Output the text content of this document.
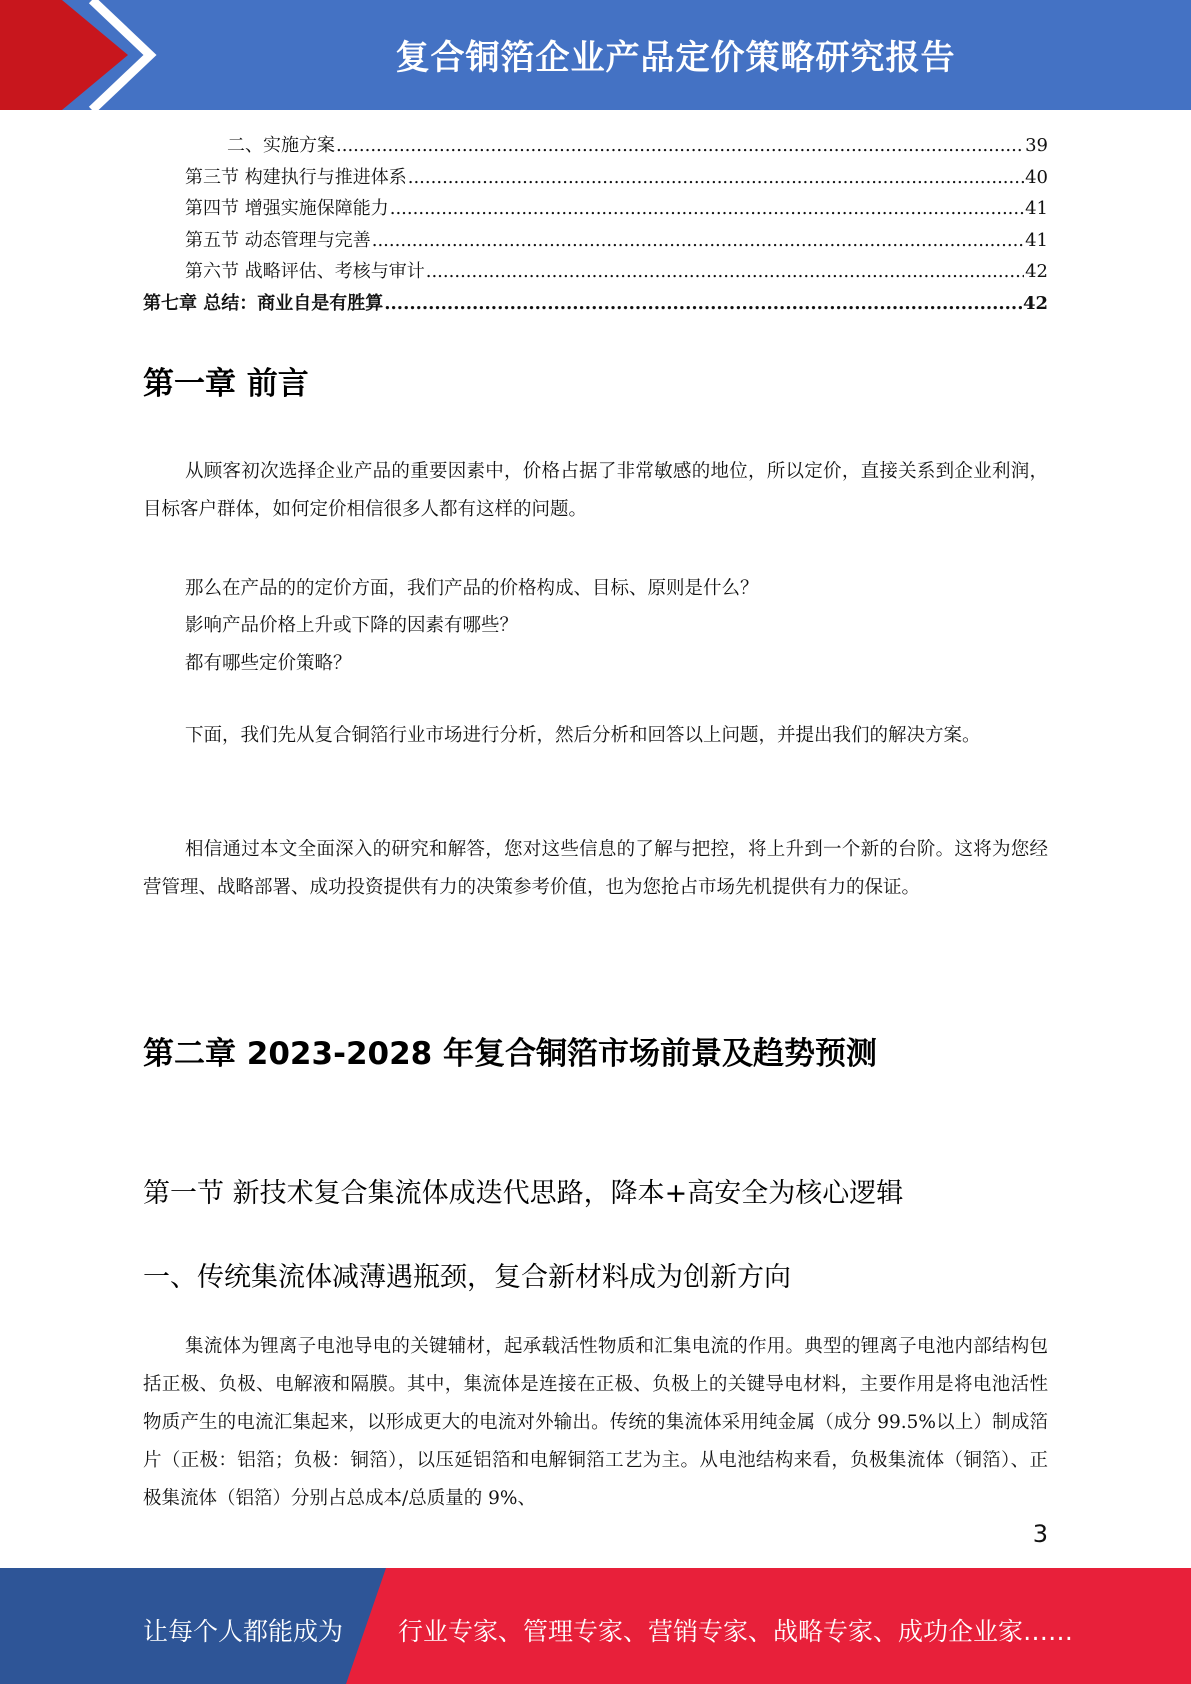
复合铜箔企业产品定价策略研究报告
二、实施方案 .....	39
第三节 构建执行与推进体系 .....	40
第四节 增强实施保障能力 .....	41
第五节 动态管理与完善 .....	41
第六节 战略评估、考核与审计 .....	42
第七章 总结：商业自是有胜算 .....	42
第一章 前言

从顾客初次选择企业产品的重要因素中，价格占据了非常敏感的地位，所以定价，直接关系到企业利润，目标客户群体，如何定价相信很多人都有这样的问题。

那么在产品的的定价方面，我们产品的价格构成、目标、原则是什么？
影响产品价格上升或下降的因素有哪些？
都有哪些定价策略？

下面，我们先从复合铜箔行业市场进行分析，然后分析和回答以上问题，并提出我们的解决方案。

相信通过本文全面深入的研究和解答，您对这些信息的了解与把控，将上升到一个新的台阶。这将为您经营管理、战略部署、成功投资提供有力的决策参考价值，也为您抢占市场先机提供有力的保证。

第二章 2023-2028 年复合铜箔市场前景及趋势预测
第一节 新技术复合集流体成迭代思路，降本+高安全为核心逻辑
一、传统集流体减薄遇瓶颈，复合新材料成为创新方向

集流体为锂离子电池导电的关键辅材，起承载活性物质和汇集电流的作用。典型的锂离子电池内部结构包括正极、负极、电解液和隔膜。其中，集流体是连接在正极、负极上的关键导电材料，主要作用是将电池活性物质产生的电流汇集起来，以形成更大的电流对外输出。传统的集流体采用纯金属（成分 99.5%以上）制成箔片（正极：铝箔；负极：铜箔），以压延铝箔和电解铜箔工艺为主。从电池结构来看，负极集流体（铜箔）、正极集流体（铝箔）分别占总成本/总质量的 9%、

3
让每个人都能成为 行业专家、管理专家、营销专家、战略专家、成功企业家……
